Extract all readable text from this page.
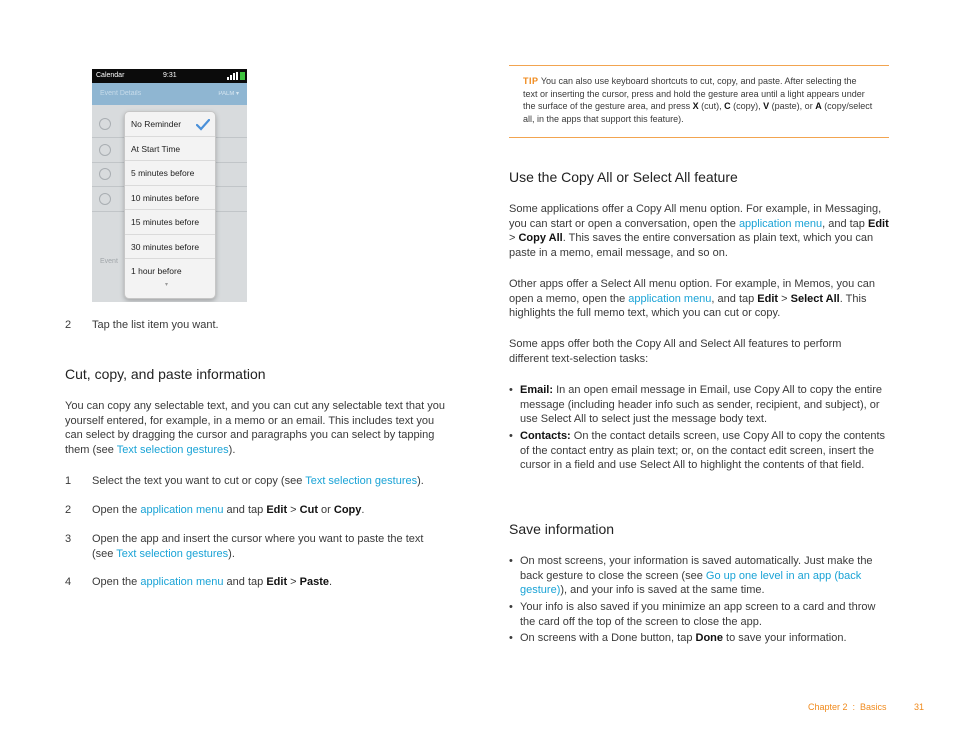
Calendar	9:31
Event Details	PALM ▾
Event
No Reminder
At Start Time
5 minutes before
10 minutes before
15 minutes before
30 minutes before
1 hour before
▾
2 Tap the list item you want.
Cut, copy, and paste information
You can copy any selectable text, and you can cut any selectable text that you yourself entered, for example, in a memo or an email. This includes text you can select by dragging the cursor and paragraphs you can select by tapping them (see Text selection gestures).
1 Select the text you want to cut or copy (see Text selection gestures).
2 Open the application menu and tap Edit > Cut or Copy.
3 Open the app and insert the cursor where you want to paste the text (see Text selection gestures).
4 Open the application menu and tap Edit > Paste.
TIP You can also use keyboard shortcuts to cut, copy, and paste. After selecting the text or inserting the cursor, press and hold the gesture area until a light appears under the surface of the gesture area, and press X (cut), C (copy), V (paste), or A (copy/select all, in the apps that support this feature).
Use the Copy All or Select All feature
Some applications offer a Copy All menu option. For example, in Messaging, you can start or open a conversation, open the application menu, and tap Edit > Copy All. This saves the entire conversation as plain text, which you can paste in a memo, email message, and so on.
Other apps offer a Select All menu option. For example, in Memos, you can open a memo, open the application menu, and tap Edit > Select All. This highlights the full memo text, which you can cut or copy.
Some apps offer both the Copy All and Select All features to perform different text-selection tasks:
• Email: In an open email message in Email, use Copy All to copy the entire message (including header info such as sender, recipient, and subject), or use Select All to select just the message body text.
• Contacts: On the contact details screen, use Copy All to copy the contents of the contact entry as plain text; or, on the contact edit screen, insert the cursor in a field and use Select All to highlight the contents of that field.
Save information
• On most screens, your information is saved automatically. Just make the back gesture to close the screen (see Go up one level in an app (back gesture)), and your info is saved at the same time.
• Your info is also saved if you minimize an app screen to a card and throw the card off the top of the screen to close the app.
• On screens with a Done button, tap Done to save your information.
Chapter 2  :  Basics	31
